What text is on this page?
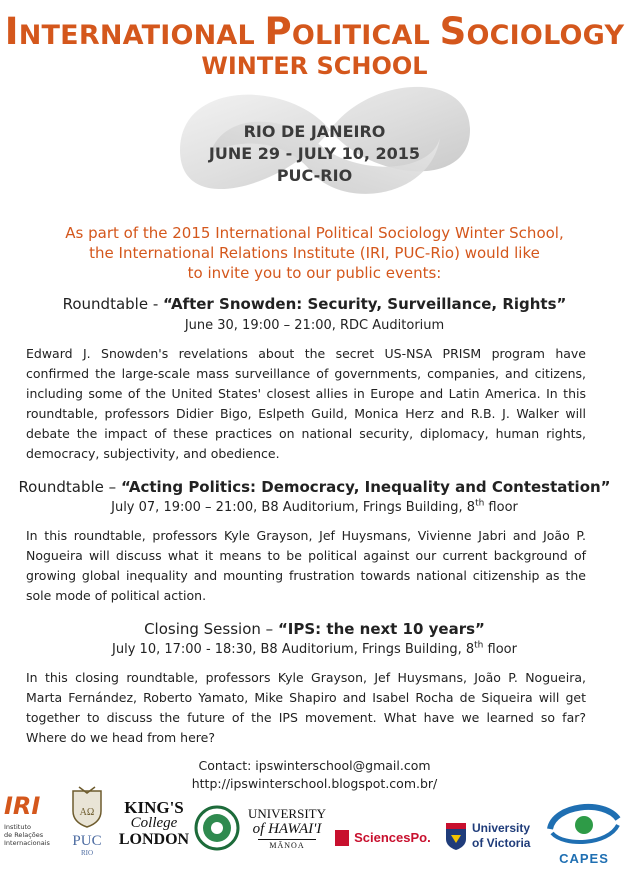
INTERNATIONAL POLITICAL SOCIOLOGY
WINTER SCHOOL
RIO DE JANEIRO
JUNE 29 - JULY 10, 2015
PUC-RIO
As part of the 2015 International Political Sociology Winter School,
the International Relations Institute (IRI, PUC-Rio) would like
to invite you to our public events:
Roundtable - “After Snowden: Security, Surveillance, Rights”
June 30, 19:00 – 21:00, RDC Auditorium
Edward J. Snowden's revelations about the secret US-NSA PRISM program have confirmed the large-scale mass surveillance of governments, companies, and citizens, including some of the United States' closest allies in Europe and Latin America. In this roundtable, professors Didier Bigo, Eslpeth Guild, Monica Herz and R.B. J. Walker will debate the impact of these practices on national security, diplomacy, human rights, democracy, subjectivity, and obedience.
Roundtable – “Acting Politics: Democracy, Inequality and Contestation”
July 07, 19:00 – 21:00, B8 Auditorium, Frings Building, 8th floor
In this roundtable, professors Kyle Grayson, Jef Huysmans, Vivienne Jabri and João P. Nogueira will discuss what it means to be political against our current background of growing global inequality and mounting frustration towards national citizenship as the sole mode of political action.
Closing Session – “IPS: the next 10 years”
July 10, 17:00 - 18:30, B8 Auditorium, Frings Building, 8th floor
In this closing roundtable, professors Kyle Grayson, Jef Huysmans, João P. Nogueira, Marta Fernández, Roberto Yamato, Mike Shapiro and Isabel Rocha de Siqueira will get together to discuss the future of the IPS movement. What have we learned so far? Where do we head from here?
Contact: ipswinterschool@gmail.com
http://ipswinterschool.blogspot.com.br/
IRI
Instituto
de Relações
Internacionais
AΩ
PUC
RIO
KING'S
College
LONDON
UNIVERSITY
of HAWAI'I
MĀNOA
SciencesPo.
University
of Victoria
CAPES
